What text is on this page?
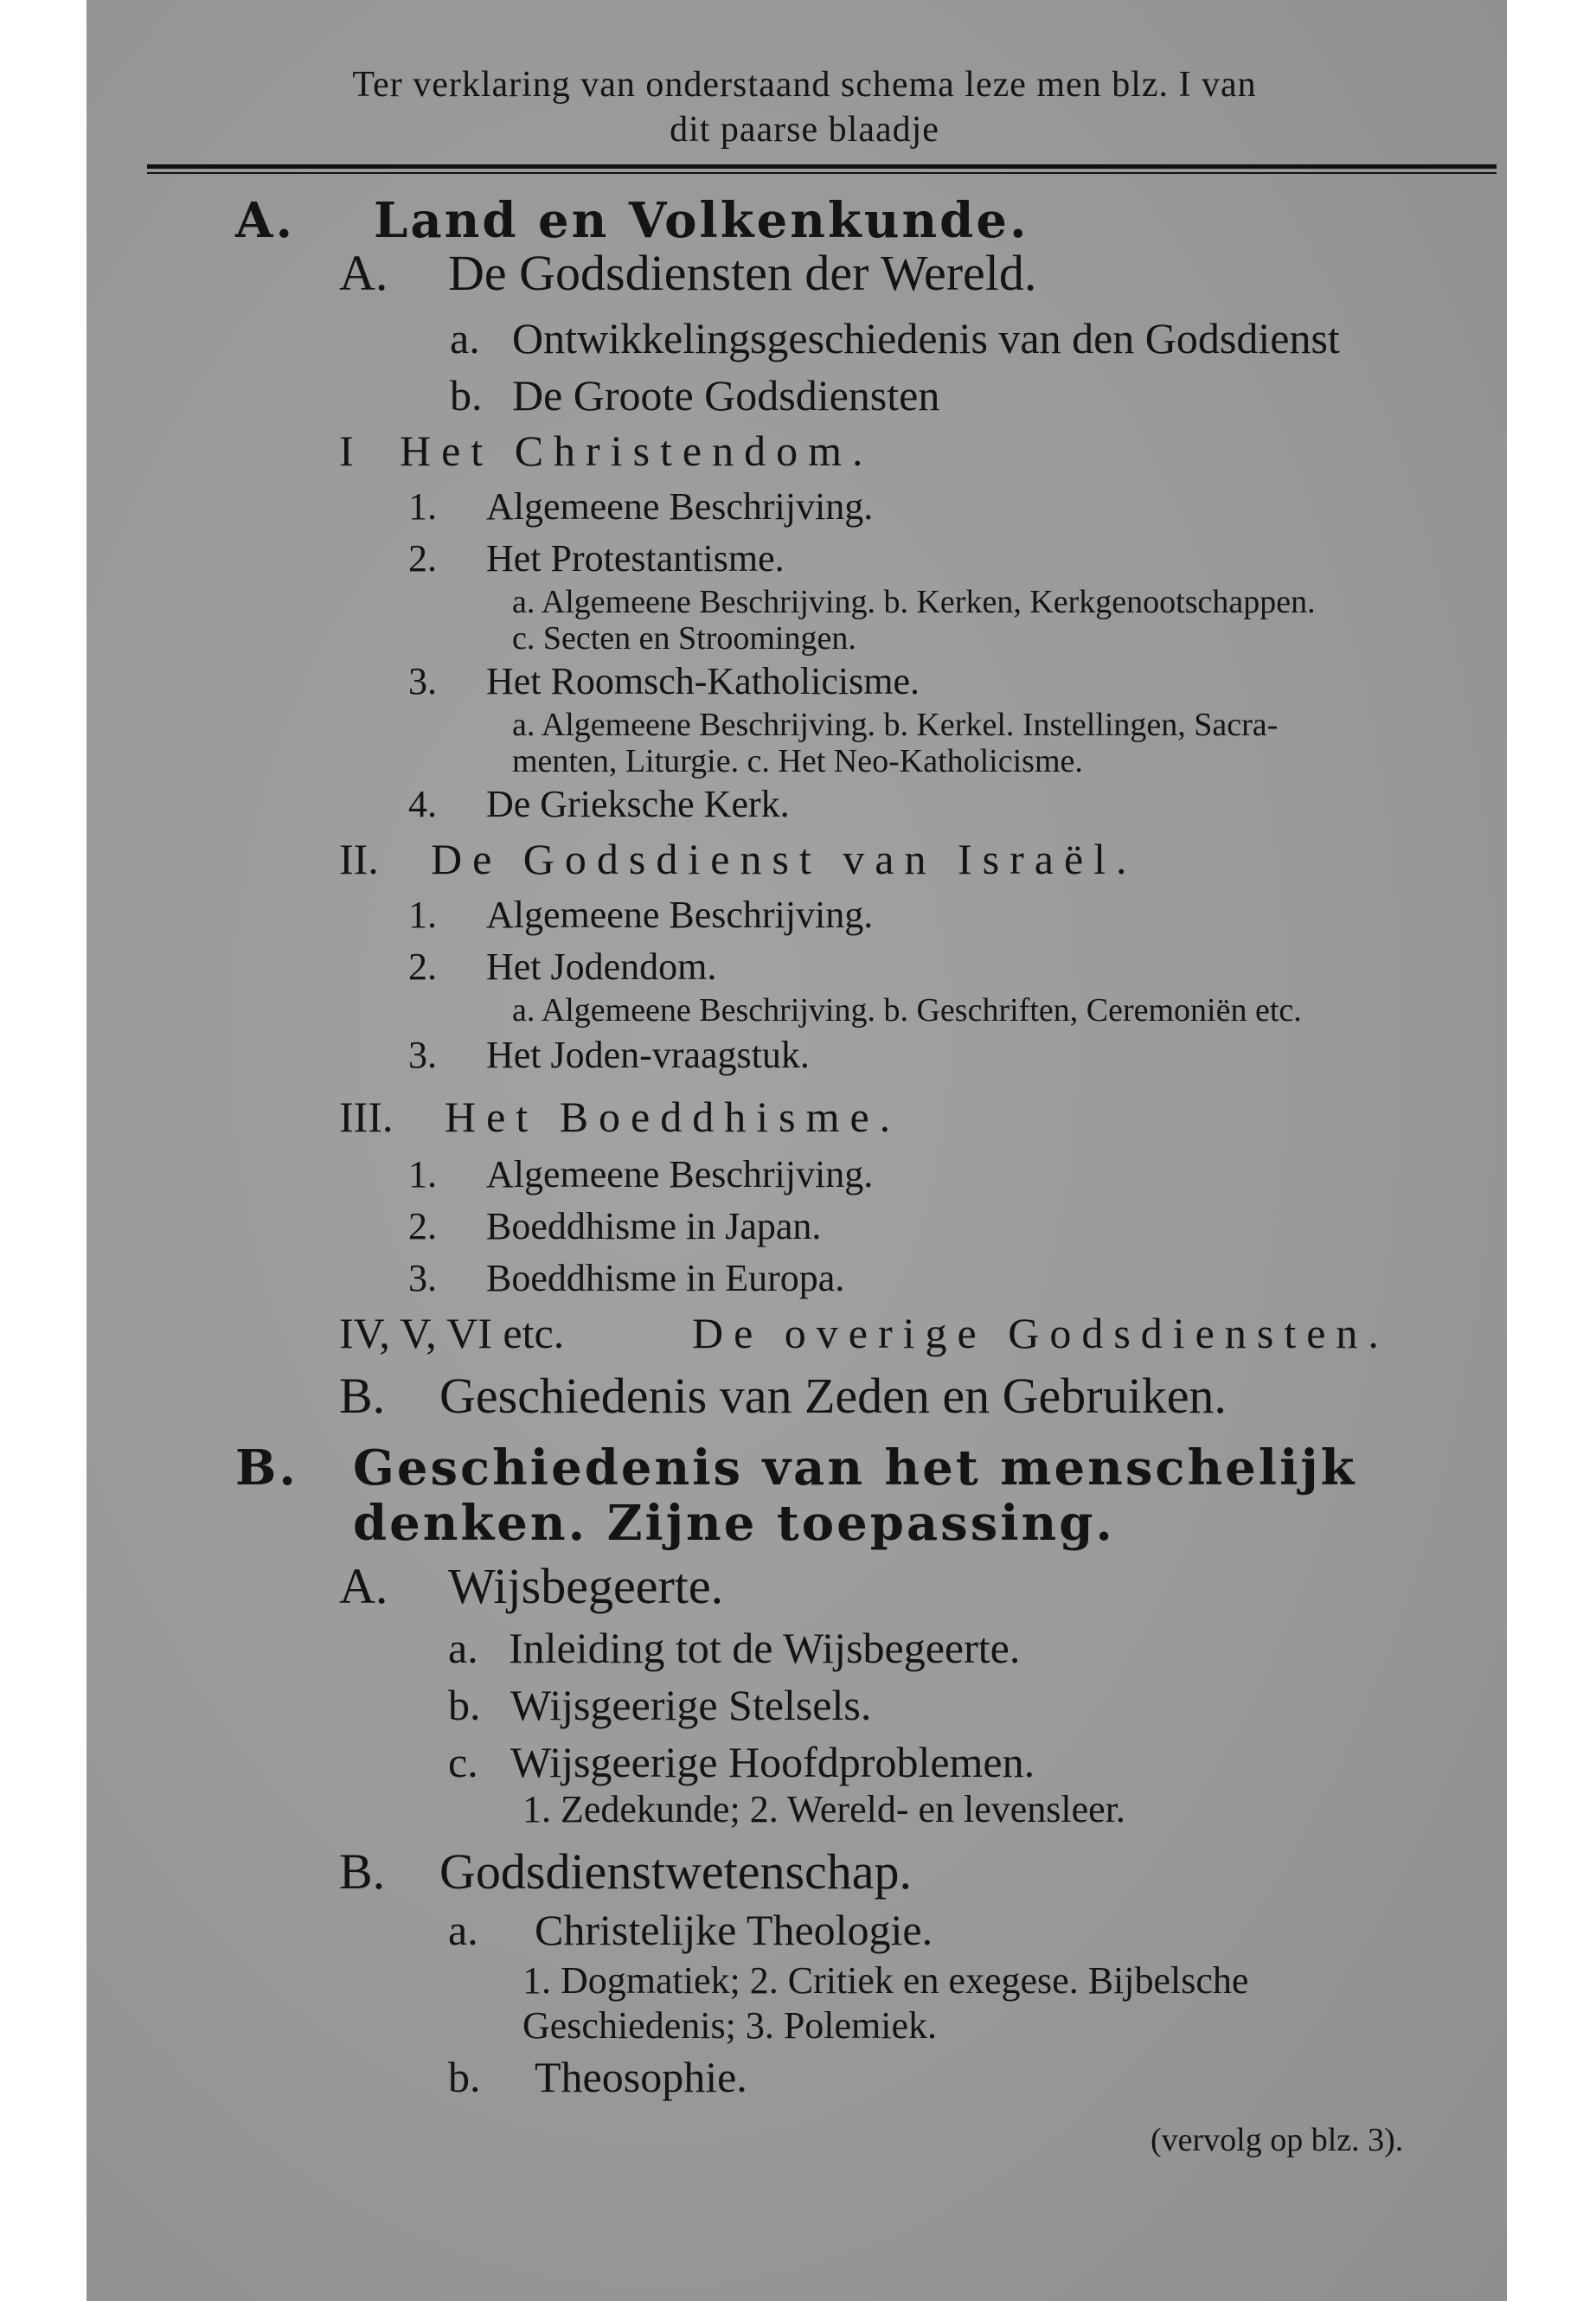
Ter verklaring van onderstaand schema leze men blz. I van
dit paarse blaadje
A. Land en Volkenkunde.
A. De Godsdiensten der Wereld.
a. Ontwikkelingsgeschiedenis van den Godsdienst
b. De Groote Godsdiensten
I Het Christendom.
1. Algemeene Beschrijving.
2. Het Protestantisme.
a. Algemeene Beschrijving. b. Kerken, Kerkgenootschappen.
c. Secten en Stroomingen.
3. Het Roomsch-Katholicisme.
a. Algemeene Beschrijving. b. Kerkel. Instellingen, Sacra-
menten, Liturgie. c. Het Neo-Katholicisme.
4. De Grieksche Kerk.
II. De Godsdienst van Israël.
1. Algemeene Beschrijving.
2. Het Jodendom.
a. Algemeene Beschrijving. b. Geschriften, Ceremoniën etc.
3. Het Joden-vraagstuk.
III. Het Boeddhisme.
1. Algemeene Beschrijving.
2. Boeddhisme in Japan.
3. Boeddhisme in Europa.
IV, V, VI etc.	De overige Godsdiensten.
B. Geschiedenis van Zeden en Gebruiken.
B. Geschiedenis van het menschelijk
denken. Zijne toepassing.
A. Wijsbegeerte.
a. Inleiding tot de Wijsbegeerte.
b. Wijsgeerige Stelsels.
c. Wijsgeerige Hoofdproblemen.
1. Zedekunde; 2. Wereld- en levensleer.
B. Godsdienstwetenschap.
a. Christelijke Theologie.
1. Dogmatiek; 2. Critiek en exegese. Bijbelsche
Geschiedenis; 3. Polemiek.
b. Theosophie.
(vervolg op blz. 3).
